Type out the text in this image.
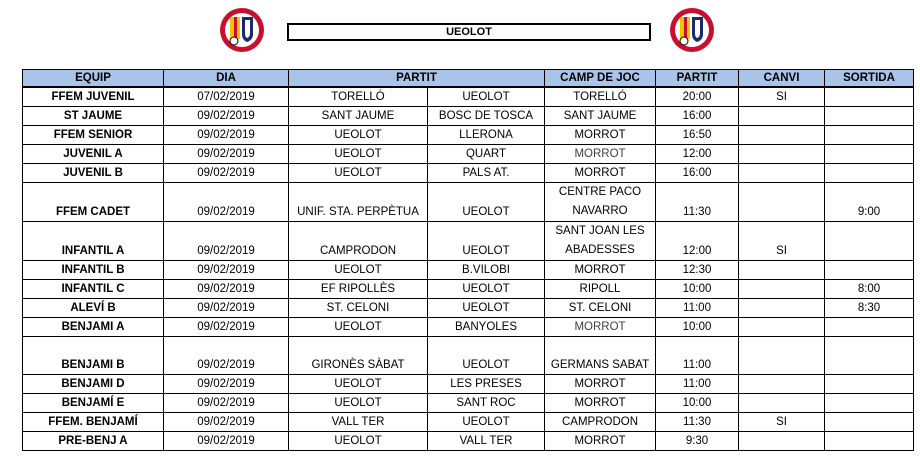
UEOLOT
EQUIP	DIA	PARTIT		CAMP DE JOC	PARTIT	CANVI	SORTIDA
FFEM JUVENIL	07/02/2019	TORELLÓ	UEOLOT	TORELLÓ	20:00	SI	
ST JAUME	09/02/2019	SANT JAUME	BOSC DE TOSCA	SANT JAUME	16:00		
FFEM SENIOR	09/02/2019	UEOLOT	LLERONA	MORROT	16:50		
JUVENIL A	09/02/2019	UEOLOT	QUART	MORROT	12:00		
JUVENIL B	09/02/2019	UEOLOT	PALS AT.	MORROT	16:00		
FFEM CADET	09/02/2019	UNIF. STA. PERPÈTUA	UEOLOT	CENTRE PACO NAVARRO	11:30		9:00
INFANTIL A	09/02/2019	CAMPRODON	UEOLOT	SANT JOAN LES ABADESSES	12:00	SI	
INFANTIL B	09/02/2019	UEOLOT	B.VILOBI	MORROT	12:30		
INFANTIL C	09/02/2019	EF RIPOLLÈS	UEOLOT	RIPOLL	10:00		8:00
ALEVÍ B	09/02/2019	ST. CELONI	UEOLOT	ST. CELONI	11:00		8:30
BENJAMI A	09/02/2019	UEOLOT	BANYOLES	MORROT	10:00		
BENJAMI B	09/02/2019	GIRONÈS SÀBAT	UEOLOT	GERMANS SABAT	11:00		
BENJAMI D	09/02/2019	UEOLOT	LES PRESES	MORROT	11:00		
BENJAMÍ E	09/02/2019	UEOLOT	SANT ROC	MORROT	10:00		
FFEM. BENJAMÍ	09/02/2019	VALL TER	UEOLOT	CAMPRODON	11:30	SI	
PRE-BENJ A	09/02/2019	UEOLOT	VALL TER	MORROT	9:30		
